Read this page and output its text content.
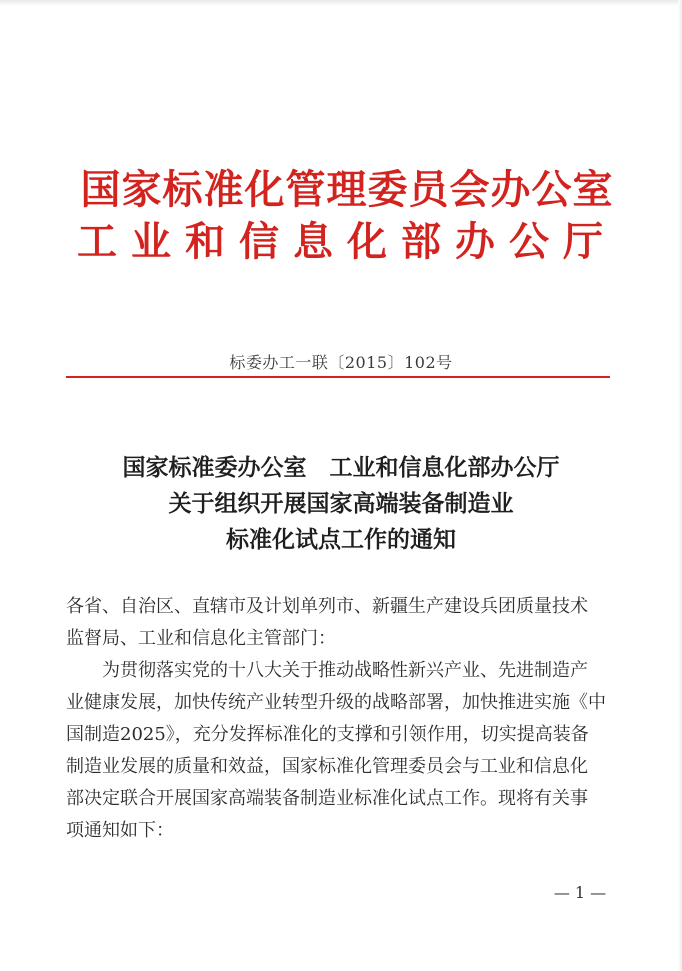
国家标准化管理委员会办公室
工业和信息化部办公厅
标委办工一联〔2015〕102号
国家标准委办公室　工业和信息化部办公厅
关于组织开展国家高端装备制造业
标准化试点工作的通知
各省、自治区、直辖市及计划单列市、新疆生产建设兵团质量技术
监督局、工业和信息化主管部门：
　　为贯彻落实党的十八大关于推动战略性新兴产业、先进制造产
业健康发展，加快传统产业转型升级的战略部署，加快推进实施《中
国制造2025》，充分发挥标准化的支撑和引领作用，切实提高装备
制造业发展的质量和效益，国家标准化管理委员会与工业和信息化
部决定联合开展国家高端装备制造业标准化试点工作。现将有关事
项通知如下：
— 1 —
